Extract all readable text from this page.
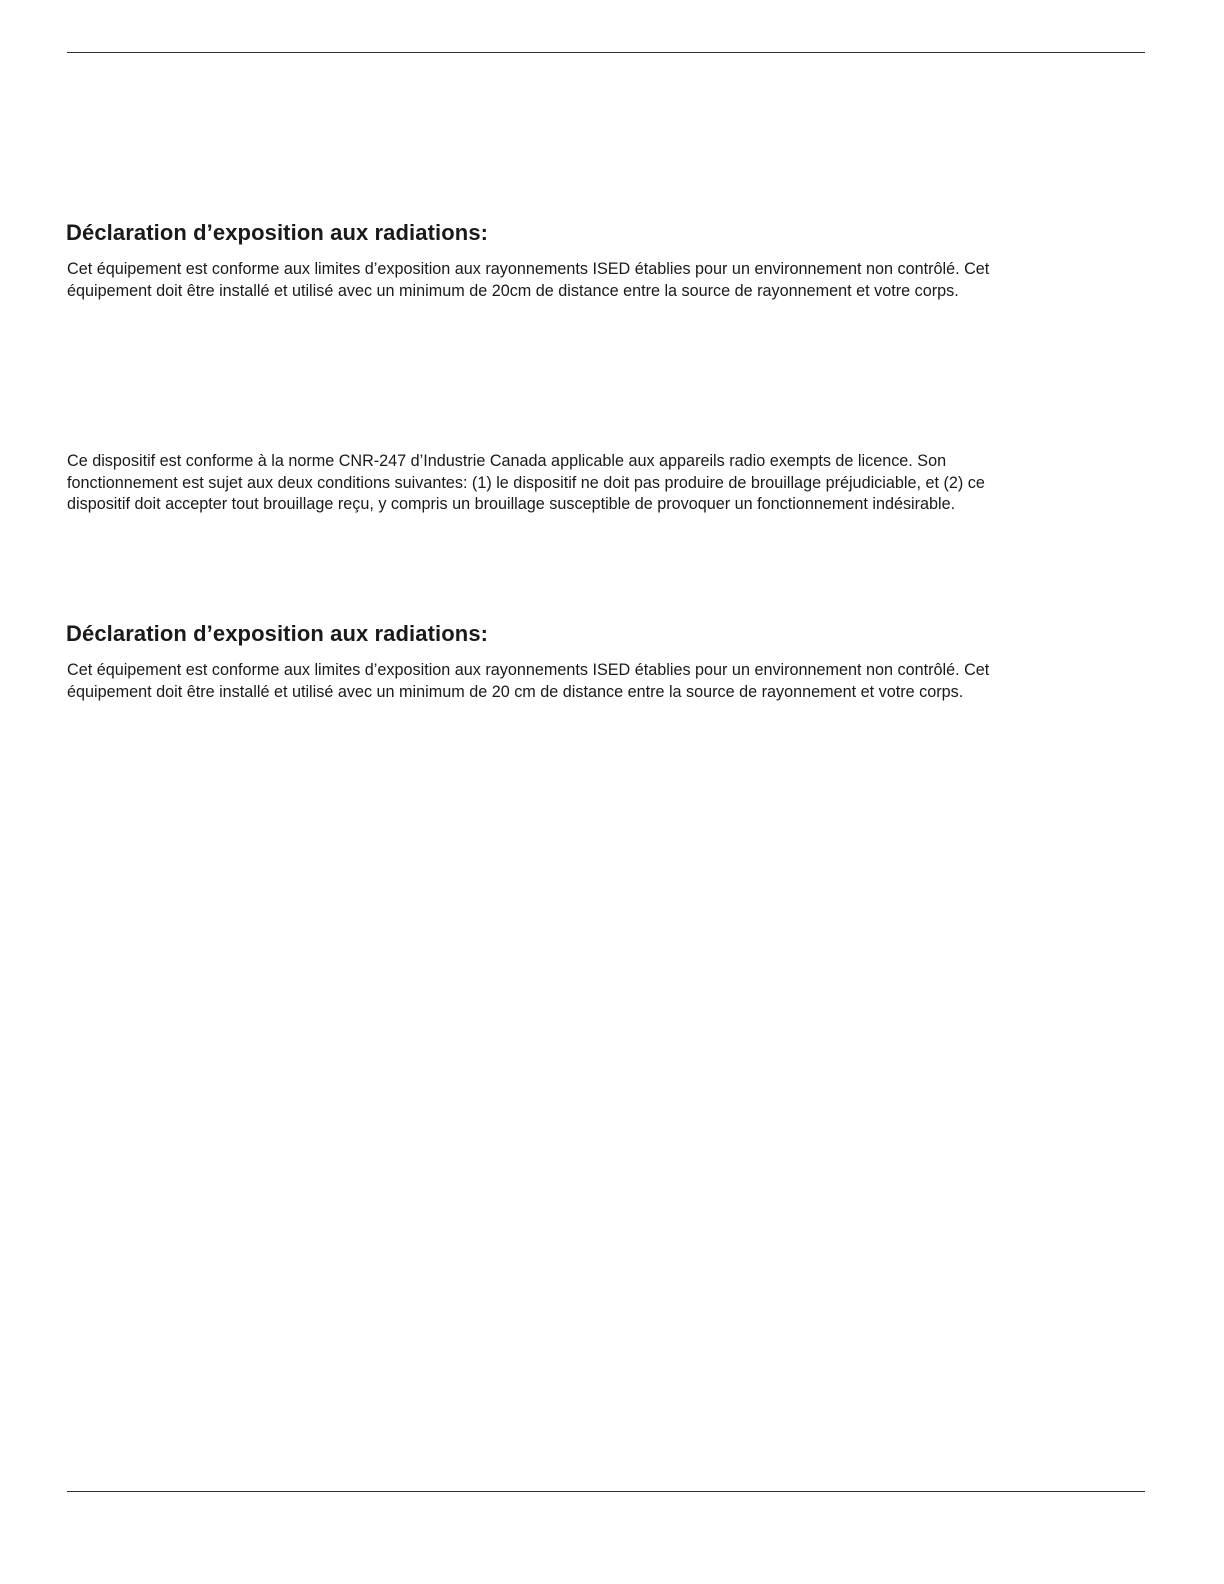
Déclaration d’exposition aux radiations:

Cet équipement est conforme aux limites d’exposition aux rayonnements ISED établies pour un environnement non contrôlé. Cet
équipement doit être installé et utilisé avec un minimum de 20cm de distance entre la source de rayonnement et votre corps.

Ce dispositif est conforme à la norme CNR-247 d’Industrie Canada applicable aux appareils radio exempts de licence. Son
fonctionnement est sujet aux deux conditions suivantes: (1) le dispositif ne doit pas produire de brouillage préjudiciable, et (2) ce
dispositif doit accepter tout brouillage reçu, y compris un brouillage susceptible de provoquer un fonctionnement indésirable.

Déclaration d’exposition aux radiations:

Cet équipement est conforme aux limites d’exposition aux rayonnements ISED établies pour un environnement non contrôlé. Cet
équipement doit être installé et utilisé avec un minimum de 20 cm de distance entre la source de rayonnement et votre corps.
